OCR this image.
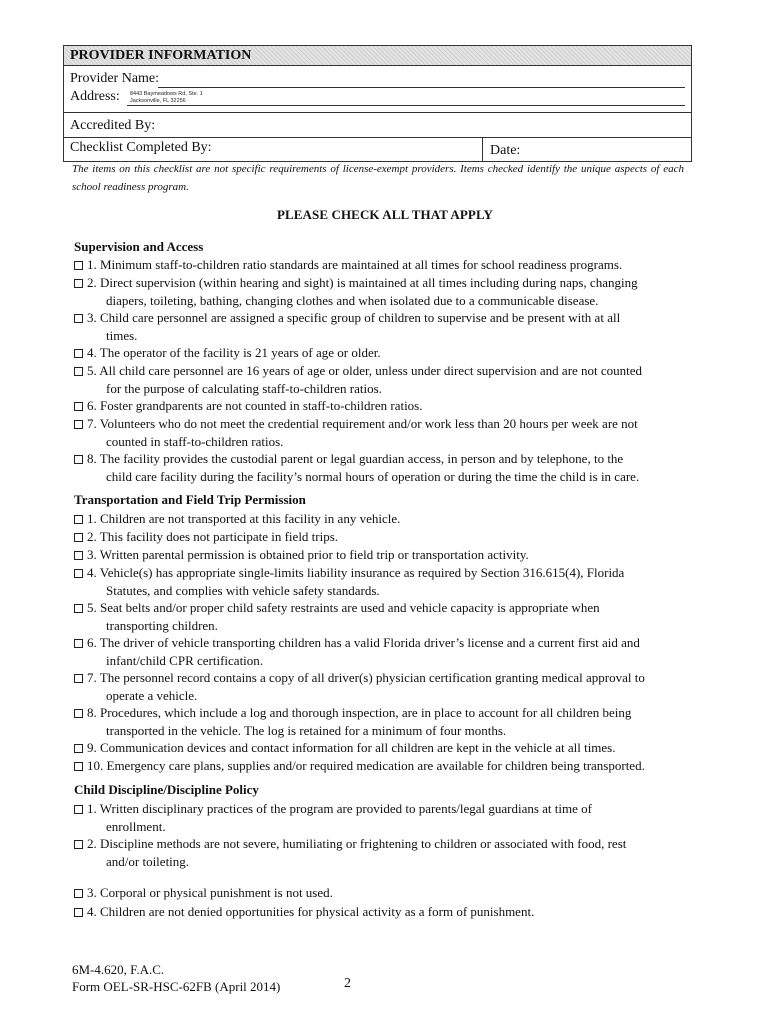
PROVIDER INFORMATION
Provider Name:
Address: 8443 Baymeadows Rd, Ste. 1
Jacksonville, FL 32256
Accredited By:
Checklist Completed By:	Date:
The items on this checklist are not specific requirements of license-exempt providers. Items checked identify the unique aspects of each school readiness program.
PLEASE CHECK ALL THAT APPLY
Supervision and Access
1. Minimum staff-to-children ratio standards are maintained at all times for school readiness programs.
2. Direct supervision (within hearing and sight) is maintained at all times including during naps, changing
diapers, toileting, bathing, changing clothes and when isolated due to a communicable disease.
3. Child care personnel are assigned a specific group of children to supervise and be present with at all
times.
4. The operator of the facility is 21 years of age or older.
5. All child care personnel are 16 years of age or older, unless under direct supervision and are not counted
for the purpose of calculating staff-to-children ratios.
6. Foster grandparents are not counted in staff-to-children ratios.
7. Volunteers who do not meet the credential requirement and/or work less than 20 hours per week are not
counted in staff-to-children ratios.
8. The facility provides the custodial parent or legal guardian access, in person and by telephone, to the
child care facility during the facility’s normal hours of operation or during the time the child is in care.
Transportation and Field Trip Permission
1. Children are not transported at this facility in any vehicle.
2. This facility does not participate in field trips.
3. Written parental permission is obtained prior to field trip or transportation activity.
4. Vehicle(s) has appropriate single-limits liability insurance as required by Section 316.615(4), Florida
Statutes, and complies with vehicle safety standards.
5. Seat belts and/or proper child safety restraints are used and vehicle capacity is appropriate when
transporting children.
6. The driver of vehicle transporting children has a valid Florida driver’s license and a current first aid and
infant/child CPR certification.
7. The personnel record contains a copy of all driver(s) physician certification granting medical approval to
operate a vehicle.
8. Procedures, which include a log and thorough inspection, are in place to account for all children being
transported in the vehicle. The log is retained for a minimum of four months.
9. Communication devices and contact information for all children are kept in the vehicle at all times.
10. Emergency care plans, supplies and/or required medication are available for children being transported.
Child Discipline/Discipline Policy
1. Written disciplinary practices of the program are provided to parents/legal guardians at time of
enrollment.
2. Discipline methods are not severe, humiliating or frightening to children or associated with food, rest
and/or toileting.
3. Corporal or physical punishment is not used.
4. Children are not denied opportunities for physical activity as a form of punishment.
6M-4.620, F.A.C.
Form OEL-SR-HSC-62FB (April 2014)	2
